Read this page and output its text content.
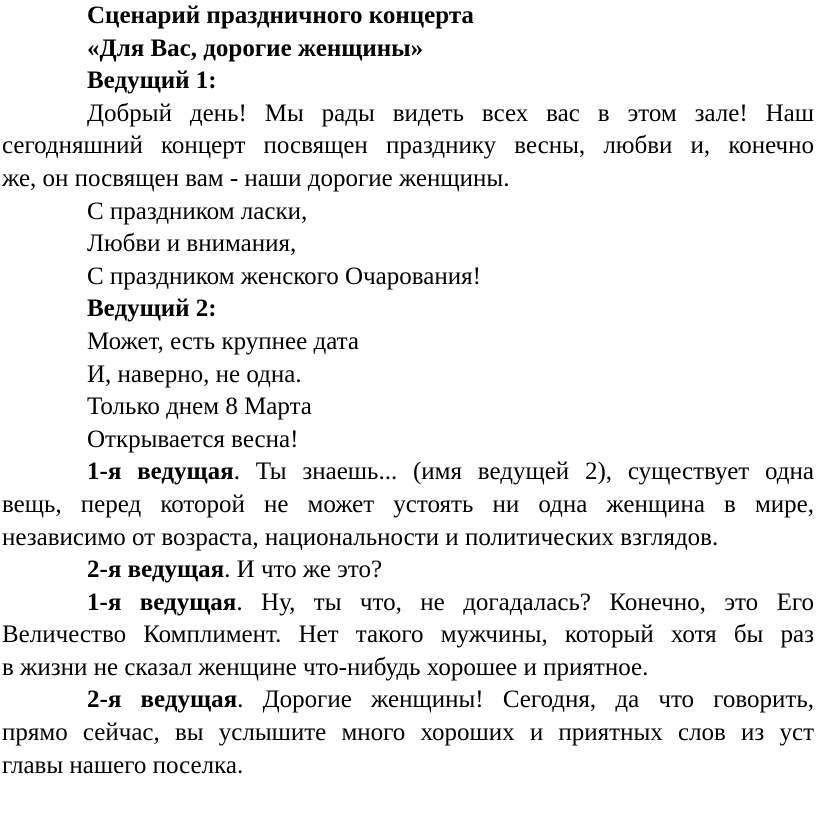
Сценарий праздничного концерта
«Для Вас, дорогие женщины»
Ведущий 1:
Добрый день! Мы рады видеть всех вас в этом зале! Наш
сегодняшний концерт посвящен празднику весны, любви и, конечно
же, он посвящен вам - наши дорогие женщины.
С праздником ласки,
Любви и внимания,
С праздником женского Очарования!
Ведущий 2:
Может, есть крупнее дата
И, наверно, не одна.
Только днем 8 Марта
Открывается весна!
1-я ведущая. Ты знаешь... (имя ведущей 2), существует одна
вещь, перед которой не может устоять ни одна женщина в мире,
независимо от возраста, национальности и политических взглядов.
2-я ведущая. И что же это?
1-я ведущая. Ну, ты что, не догадалась? Конечно, это Его
Величество Комплимент. Нет такого мужчины, который хотя бы раз
в жизни не сказал женщине что-нибудь хорошее и приятное.
2-я ведущая. Дорогие женщины! Сегодня, да что говорить,
прямо сейчас, вы услышите много хороших и приятных слов из уст
главы нашего поселка.
